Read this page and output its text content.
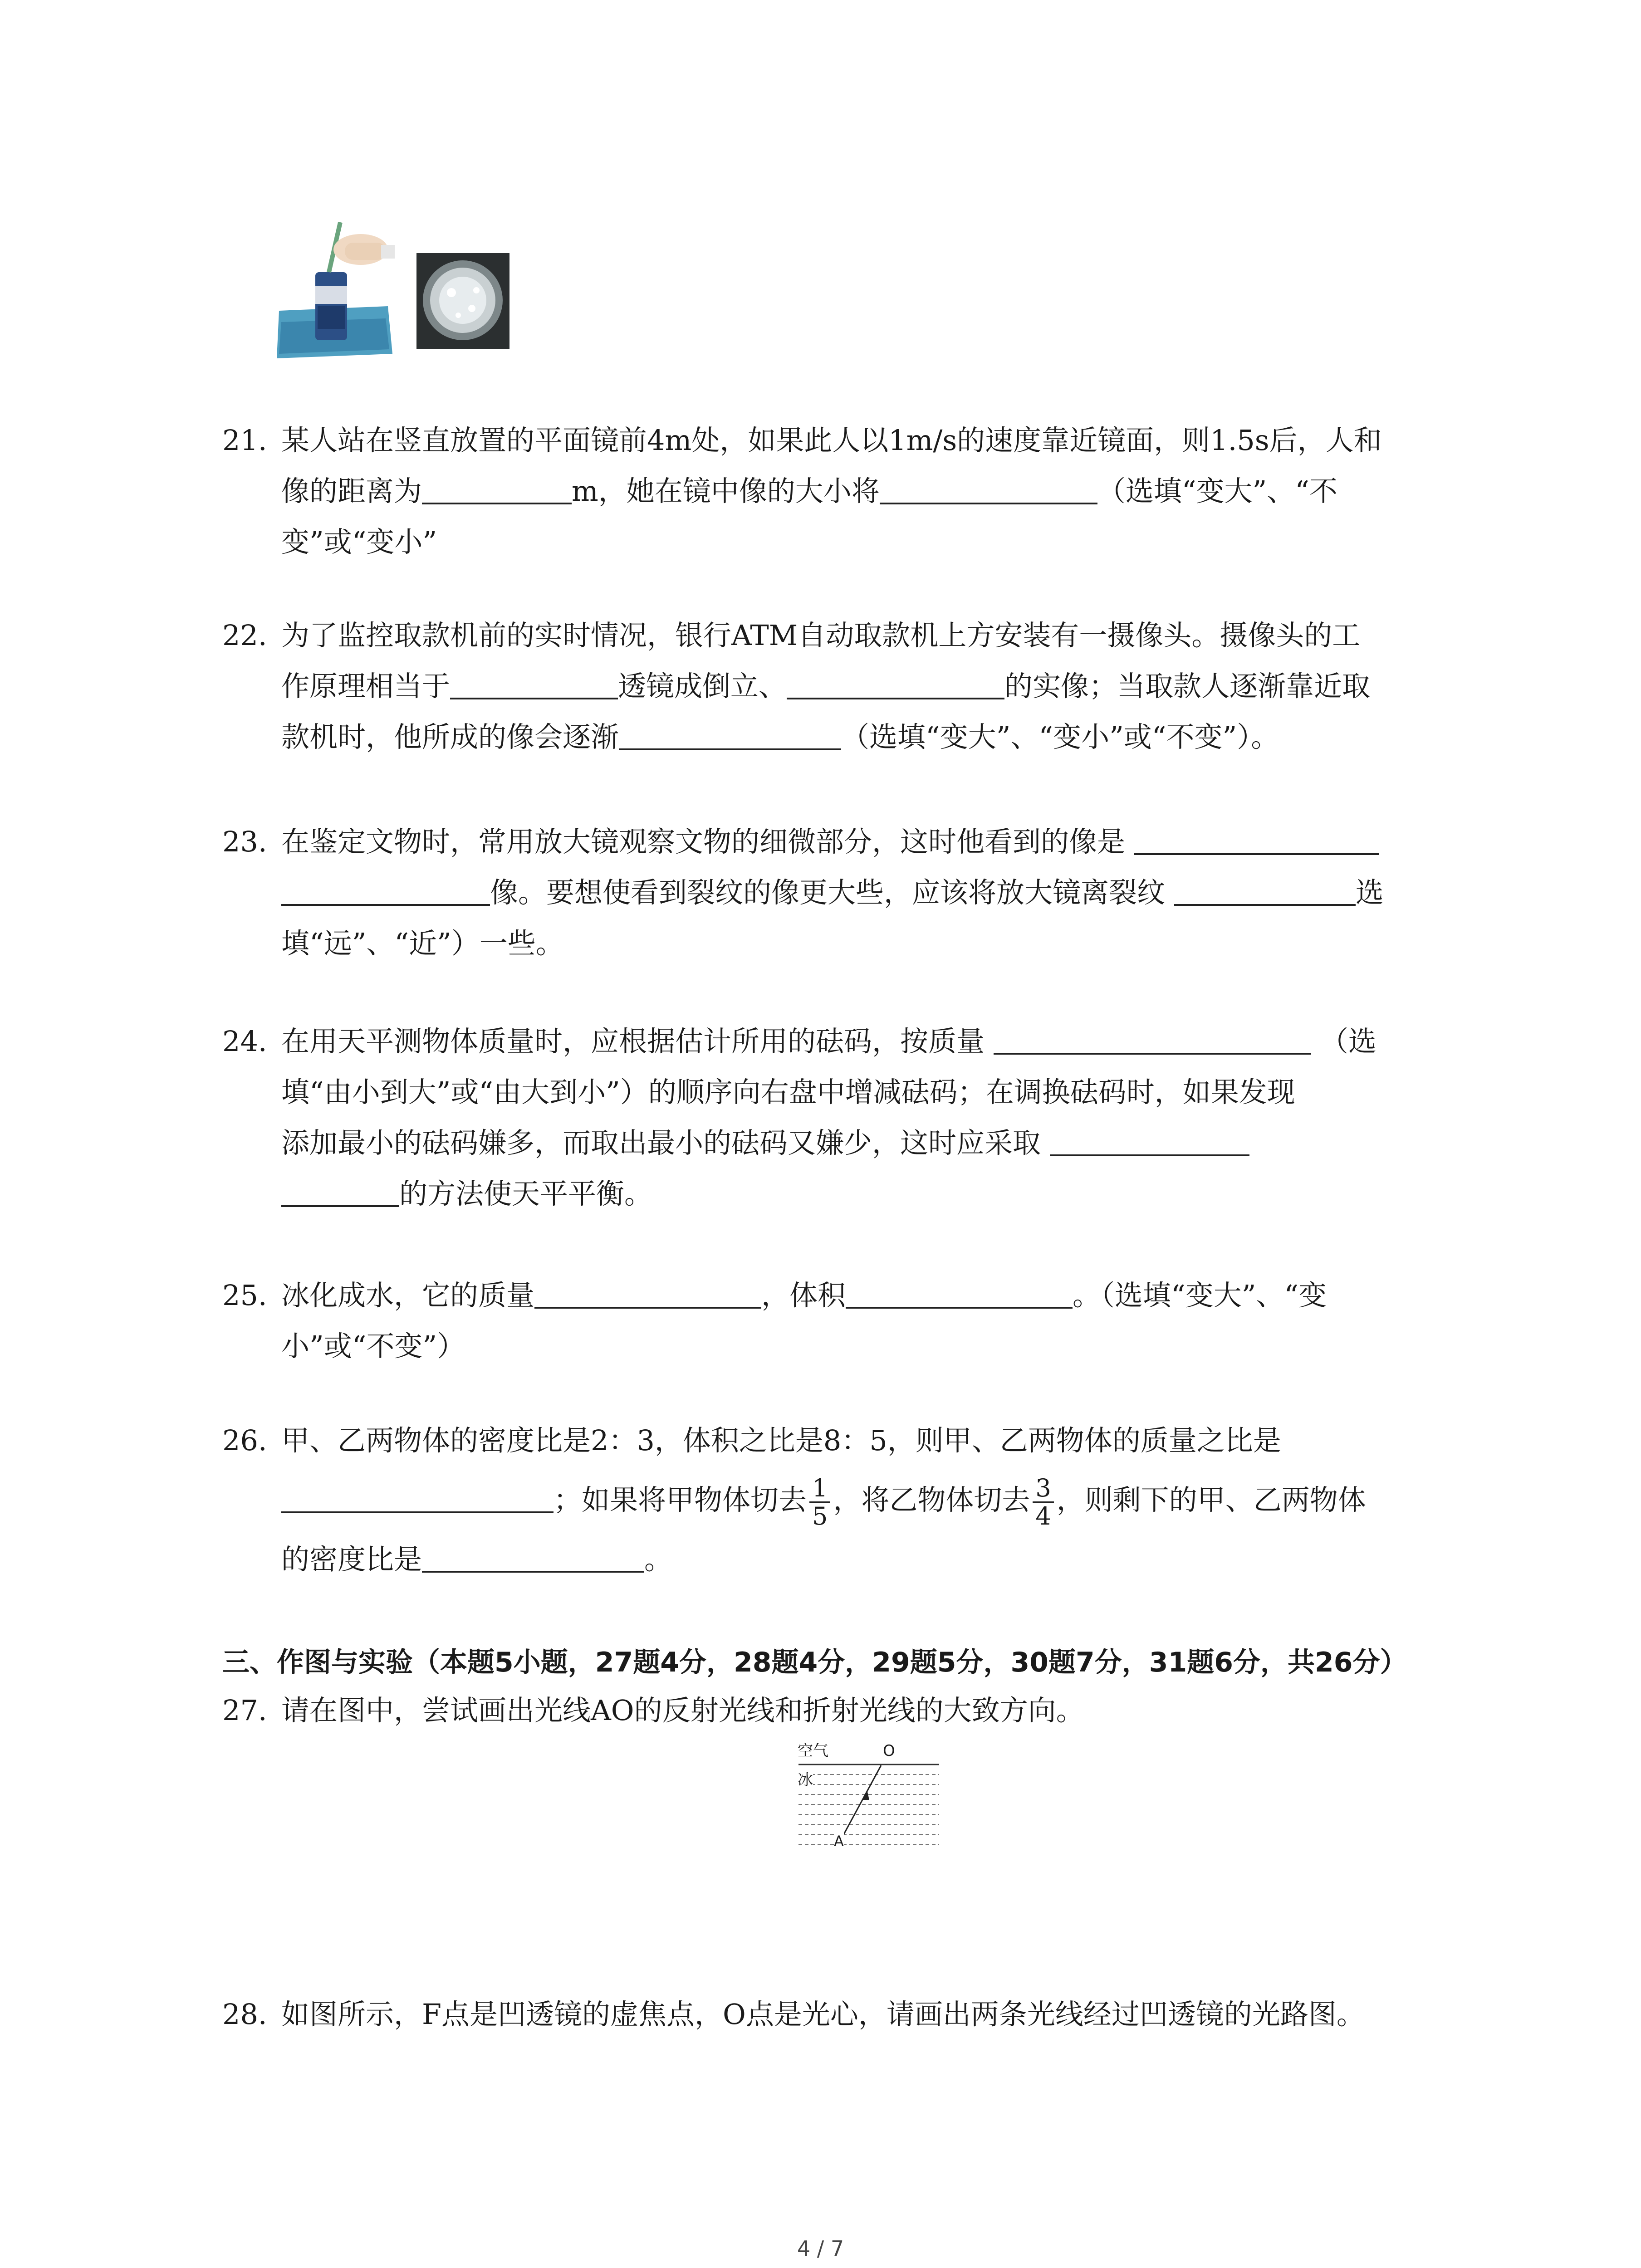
21. 某人站在竖直放置的平面镜前4m处，如果此人以1m/s的速度靠近镜面，则1.5s后，人和
像的距离为	m，她在镜中像的大小将	（选填“变大”、“不
变”或“变小”
22. 为了监控取款机前的实时情况，银行ATM自动取款机上方安装有一摄像头。摄像头的工
作原理相当于	透镜成倒立、	的实像；当取款人逐渐靠近取
款机时，他所成的像会逐渐	（选填“变大”、“变小”或“不变”）。
23. 在鉴定文物时，常用放大镜观察文物的细微部分，这时他看到的像是
像。要想使看到裂纹的像更大些，应该将放大镜离裂纹	选
填“远”、“近”）一些。
24. 在用天平测物体质量时，应根据估计所用的砝码，按质量	（选
填“由小到大”或“由大到小”）的顺序向右盘中增减砝码；在调换砝码时，如果发现
添加最小的砝码嫌多，而取出最小的砝码又嫌少，这时应采取
的方法使天平平衡。
25. 冰化成水，它的质量	，体积	。（选填“变大”、“变
小”或“不变”）
26. 甲、乙两物体的密度比是2：3，体积之比是8：5，则甲、乙两物体的质量之比是
；如果将甲物体切去 $\frac{1}{5}$ ，将乙物体切去 $\frac{3}{4}$ ，则剩下的甲、乙两物体
的密度比是	。
三、作图与实验（本题5小题，27题4分，28题4分，29题5分，30题7分，31题6分，共26分）
27. 请在图中，尝试画出光线AO的反射光线和折射光线的大致方向。
空气
冰
O
A
28. 如图所示，F点是凹透镜的虚焦点，O点是光心，请画出两条光线经过凹透镜的光路图。
4 / 7
